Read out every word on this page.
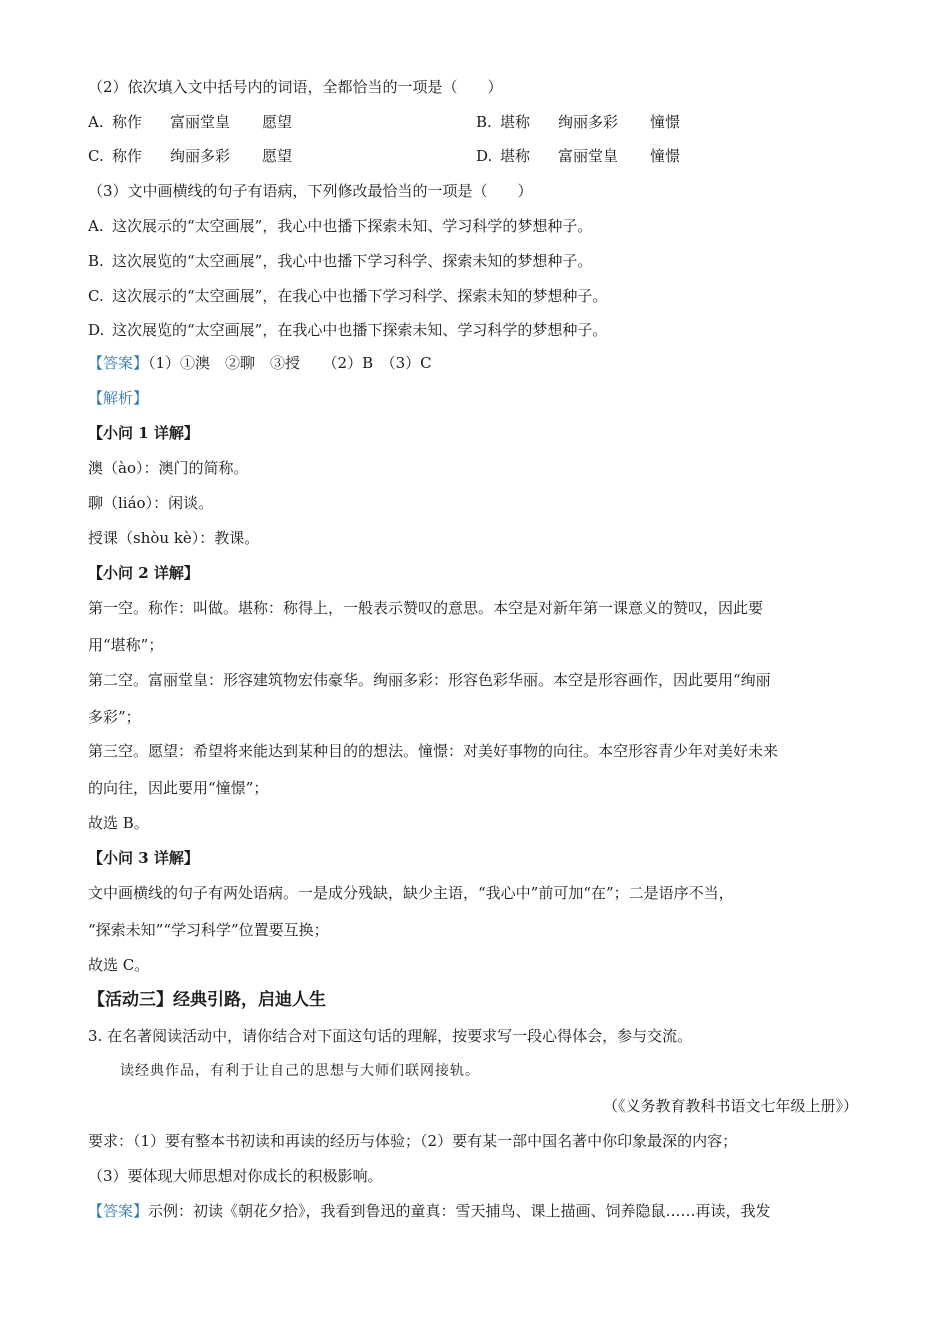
（2）依次填入文中括号内的词语，全都恰当的一项是（　　）
A. 称作 富丽堂皇 愿望	B. 堪称 绚丽多彩 憧憬
C. 称作 绚丽多彩 愿望	D. 堪称 富丽堂皇 憧憬
（3）文中画横线的句子有语病，下列修改最恰当的一项是（　　）
A. 这次展示的“太空画展”，我心中也播下探索未知、学习科学的梦想种子。
B. 这次展览的“太空画展”，我心中也播下学习科学、探索未知的梦想种子。
C. 这次展示的“太空画展”，在我心中也播下学习科学、探索未知的梦想种子。
D. 这次展览的“太空画展”，在我心中也播下探索未知、学习科学的梦想种子。
【答案】（1）①澳　②聊　③授　　（2）B　（3）C
【解析】
【小问 1 详解】
澳（ào）：澳门的简称。
聊（liáo）：闲谈。
授课（shòu kè）：教课。
【小问 2 详解】
第一空。称作：叫做。堪称：称得上，一般表示赞叹的意思。本空是对新年第一课意义的赞叹，因此要
用“堪称”；
第二空。富丽堂皇：形容建筑物宏伟豪华。绚丽多彩：形容色彩华丽。本空是形容画作，因此要用“绚丽
多彩”；
第三空。愿望：希望将来能达到某种目的的想法。憧憬：对美好事物的向往。本空形容青少年对美好未来
的向往，因此要用“憧憬”；
故选 B。
【小问 3 详解】
文中画横线的句子有两处语病。一是成分残缺，缺少主语，“我心中”前可加“在”；二是语序不当，
“探索未知”“学习科学”位置要互换；
故选 C。
【活动三】经典引路，启迪人生
3. 在名著阅读活动中，请你结合对下面这句话的理解，按要求写一段心得体会，参与交流。
读经典作品，有利于让自己的思想与大师们联网接轨。
（《义务教育教科书语文七年级上册》）
要求：（1）要有整本书初读和再读的经历与体验；（2）要有某一部中国名著中你印象最深的内容；
（3）要体现大师思想对你成长的积极影响。
【答案】示例：初读《朝花夕拾》，我看到鲁迅的童真：雪天捕鸟、课上描画、饲养隐鼠……再读，我发
